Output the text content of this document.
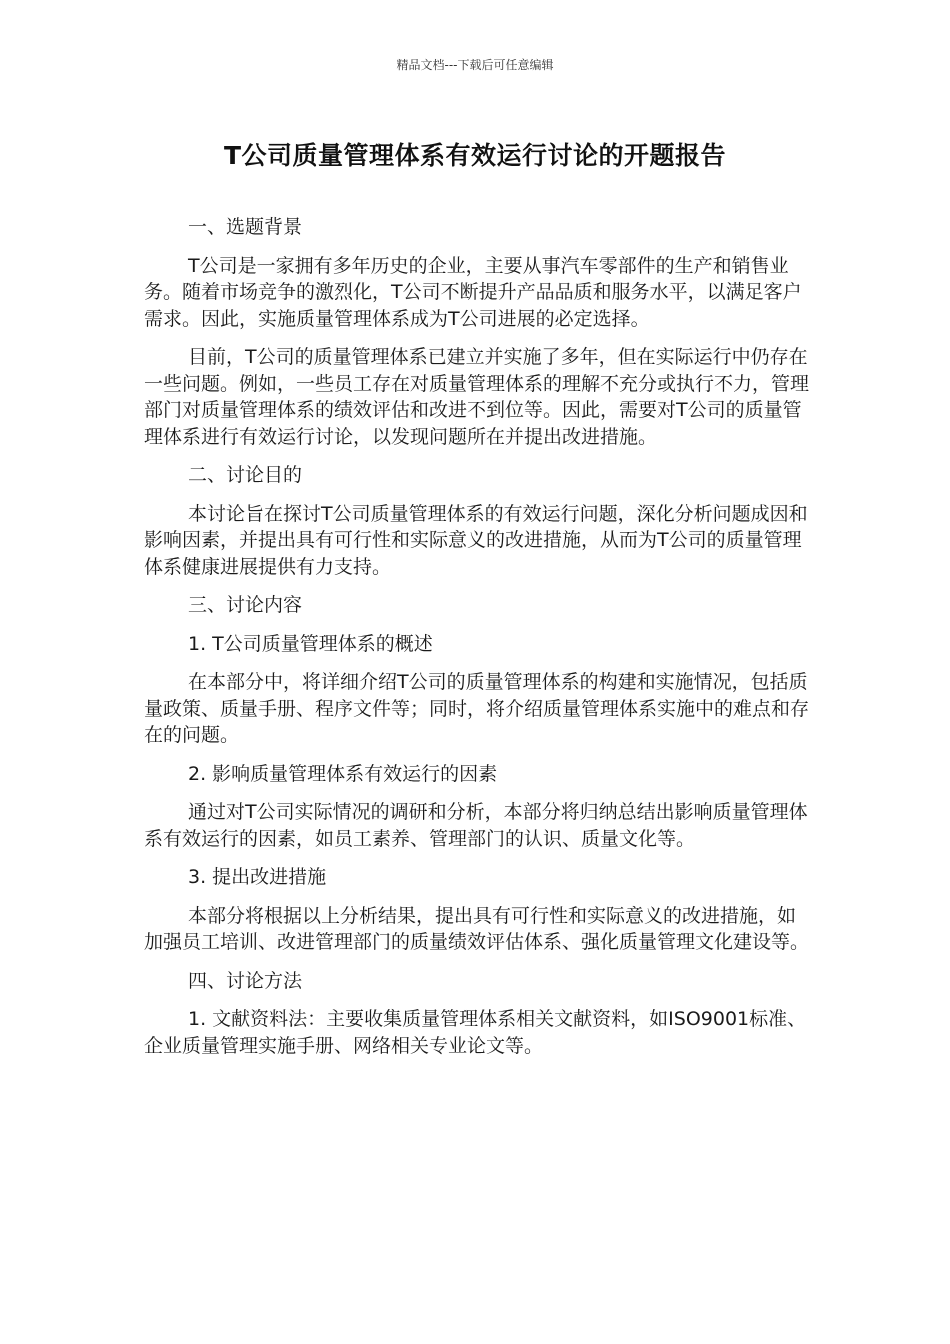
精品文档---下载后可任意编辑
T公司质量管理体系有效运行讨论的开题报告

一、选题背景

T公司是一家拥有多年历史的企业，主要从事汽车零部件的生产和销售业务。随着市场竞争的激烈化，T公司不断提升产品品质和服务水平，以满足客户需求。因此，实施质量管理体系成为T公司进展的必定选择。

目前，T公司的质量管理体系已建立并实施了多年，但在实际运行中仍存在一些问题。例如，一些员工存在对质量管理体系的理解不充分或执行不力，管理部门对质量管理体系的绩效评估和改进不到位等。因此，需要对T公司的质量管理体系进行有效运行讨论，以发现问题所在并提出改进措施。

二、讨论目的

本讨论旨在探讨T公司质量管理体系的有效运行问题，深化分析问题成因和影响因素，并提出具有可行性和实际意义的改进措施，从而为T公司的质量管理体系健康进展提供有力支持。

三、讨论内容

1. T公司质量管理体系的概述

在本部分中，将详细介绍T公司的质量管理体系的构建和实施情况，包括质量政策、质量手册、程序文件等；同时，将介绍质量管理体系实施中的难点和存在的问题。

2. 影响质量管理体系有效运行的因素

通过对T公司实际情况的调研和分析，本部分将归纳总结出影响质量管理体系有效运行的因素，如员工素养、管理部门的认识、质量文化等。

3. 提出改进措施

本部分将根据以上分析结果，提出具有可行性和实际意义的改进措施，如加强员工培训、改进管理部门的质量绩效评估体系、强化质量管理文化建设等。

四、讨论方法

1. 文献资料法：主要收集质量管理体系相关文献资料，如ISO9001标准、企业质量管理实施手册、网络相关专业论文等。
